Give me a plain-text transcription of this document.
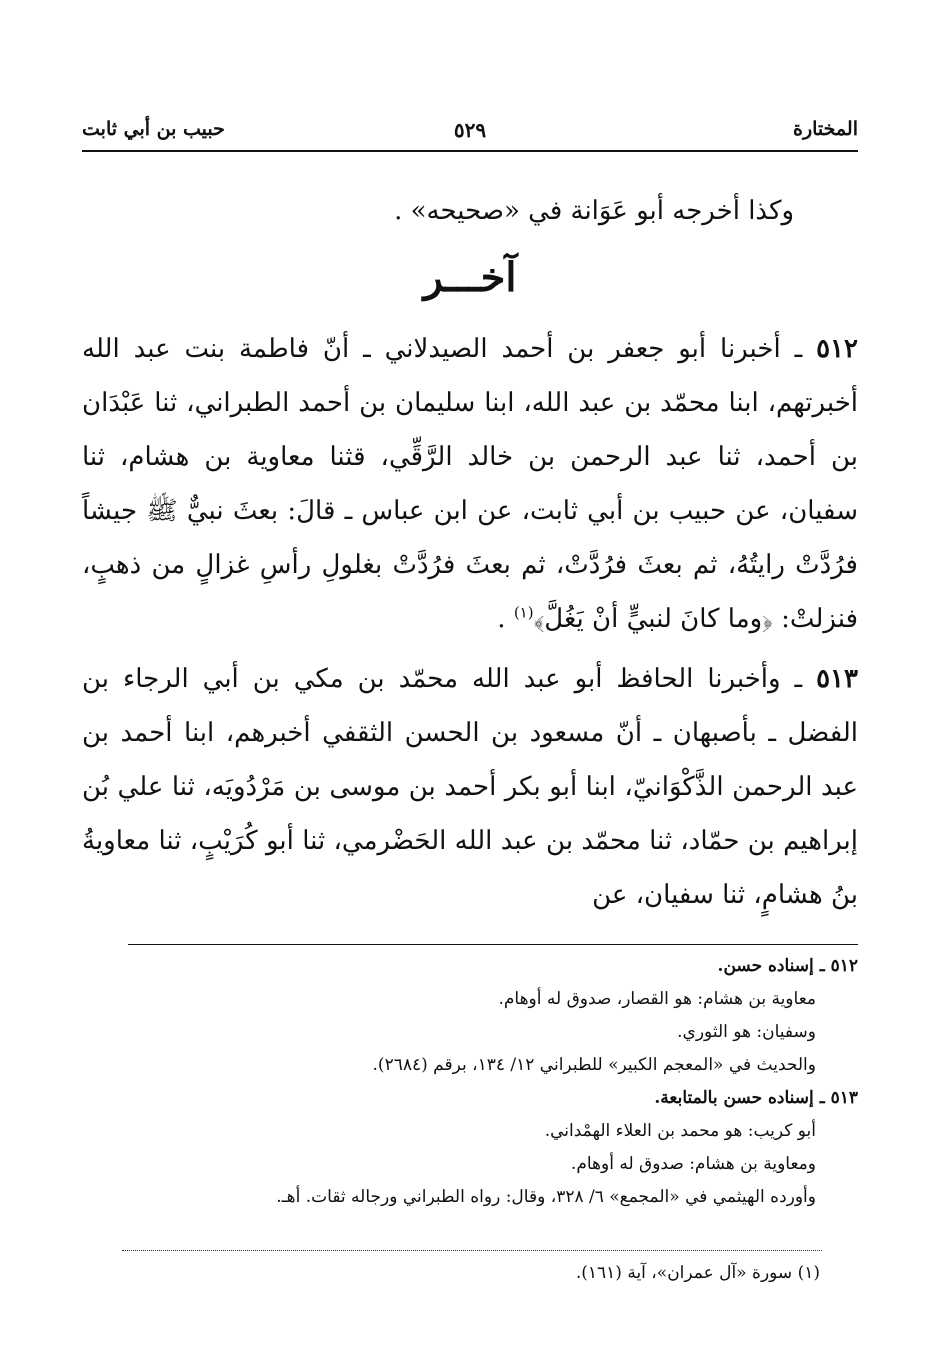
المختارة
٥٢٩
حبيب بن أبي ثابت

وكذا أخرجه أبو عَوَانة في «صحيحه» .

آخـــر

٥١٢ ـ أخبرنا أبو جعفر بن أحمد الصيدلاني ـ أنّ فاطمة بنت عبد الله أخبرتهم، ابنا محمّد بن عبد الله، ابنا سليمان بن أحمد الطبراني، ثنا عَبْدَان بن أحمد، ثنا عبد الرحمن بن خالد الرَّقِّي، قثنا معاوية بن هشام، ثنا سفيان، عن حبيب بن أبي ثابت، عن ابن عباس ـ قالَ: بعثَ نبيٌّ ﷺ جيشاً فرُدَّتْ رايتُهُ، ثم بعثَ فرُدَّتْ، ثم بعثَ فرُدَّتْ بغلولِ رأسِ غزالٍ من ذهبٍ، فنزلتْ: ﴿وما كانَ لنبيٍّ أنْ يَغُلَّ﴾$^{(١)}$ .

٥١٣ ـ وأخبرنا الحافظ أبو عبد الله محمّد بن مكي بن أبي الرجاء بن الفضل ـ بأصبهان ـ أنّ مسعود بن الحسن الثقفي أخبرهم، ابنا أحمد بن عبد الرحمن الذَّكْوَانيّ، ابنا أبو بكر أحمد بن موسى بن مَرْدُويَه، ثنا علي بُن إبراهيم بن حمّاد، ثنا محمّد بن عبد الله الحَضْرمي، ثنا أبو كُرَيْبٍ، ثنا معاويةُ بنُ هشامٍ، ثنا سفيان، عن

٥١٢ ـ إسناده حسن.

معاوية بن هشام: هو القصار، صدوق له أوهام.

وسفيان: هو الثوري.

والحديث في «المعجم الكبير» للطبراني ١٢/ ١٣٤، برقم (٢٦٨٤).

٥١٣ ـ إسناده حسن بالمتابعة.

أبو كريب: هو محمد بن العلاء الهمْداني.

ومعاوية بن هشام: صدوق له أوهام.

وأورده الهيثمي في «المجمع» ٦/ ٣٢٨، وقال: رواه الطبراني ورجاله ثقات. أهـ.

(١) سورة «آل عمران»، آية (١٦١).
